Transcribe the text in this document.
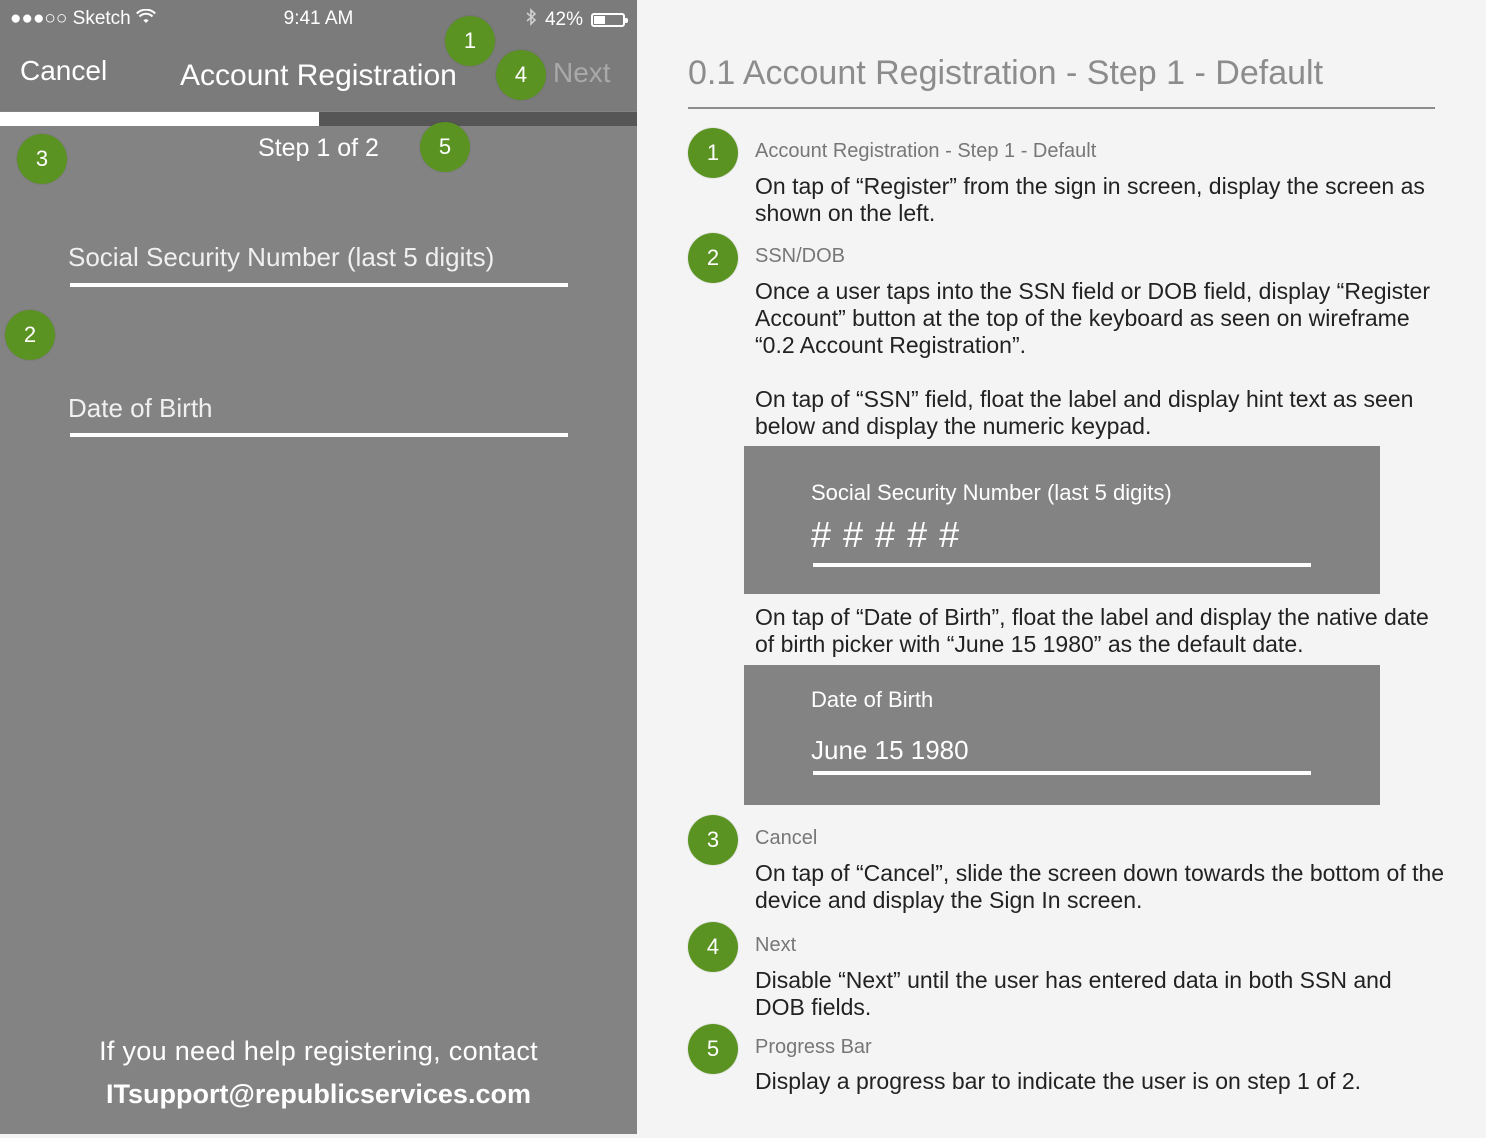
●●●○○ Sketch	9:41 AM	42%
Cancel Account Registration	Next
Step 1 of 2
Social Security Number (last 5 digits)
Date of Birth
If you need help registering, contact
ITsupport@republicservices.com
1
2
3
4
5
0.1 Account Registration - Step 1 - Default
1	Account Registration - Step 1 - Default
On tap of “Register” from the sign in screen, display the screen as shown on the left.
2	SSN/DOB
Once a user taps into the SSN field or DOB field, display “Register Account” button at the top of the keyboard as seen on wireframe “0.2 Account Registration”.
On tap of “SSN” field, float the label and display hint text as seen below and display the numeric keypad.
Social Security Number (last 5 digits)
# # # # #
On tap of “Date of Birth”, float the label and display the native date of birth picker with “June 15 1980” as the default date.
Date of Birth
June 15 1980
3	Cancel
On tap of “Cancel”, slide the screen down towards the bottom of the device and display the Sign In screen.
4	Next
Disable “Next” until the user has entered data in both SSN and DOB fields.
5	Progress Bar
Display a progress bar to indicate the user is on step 1 of 2.
